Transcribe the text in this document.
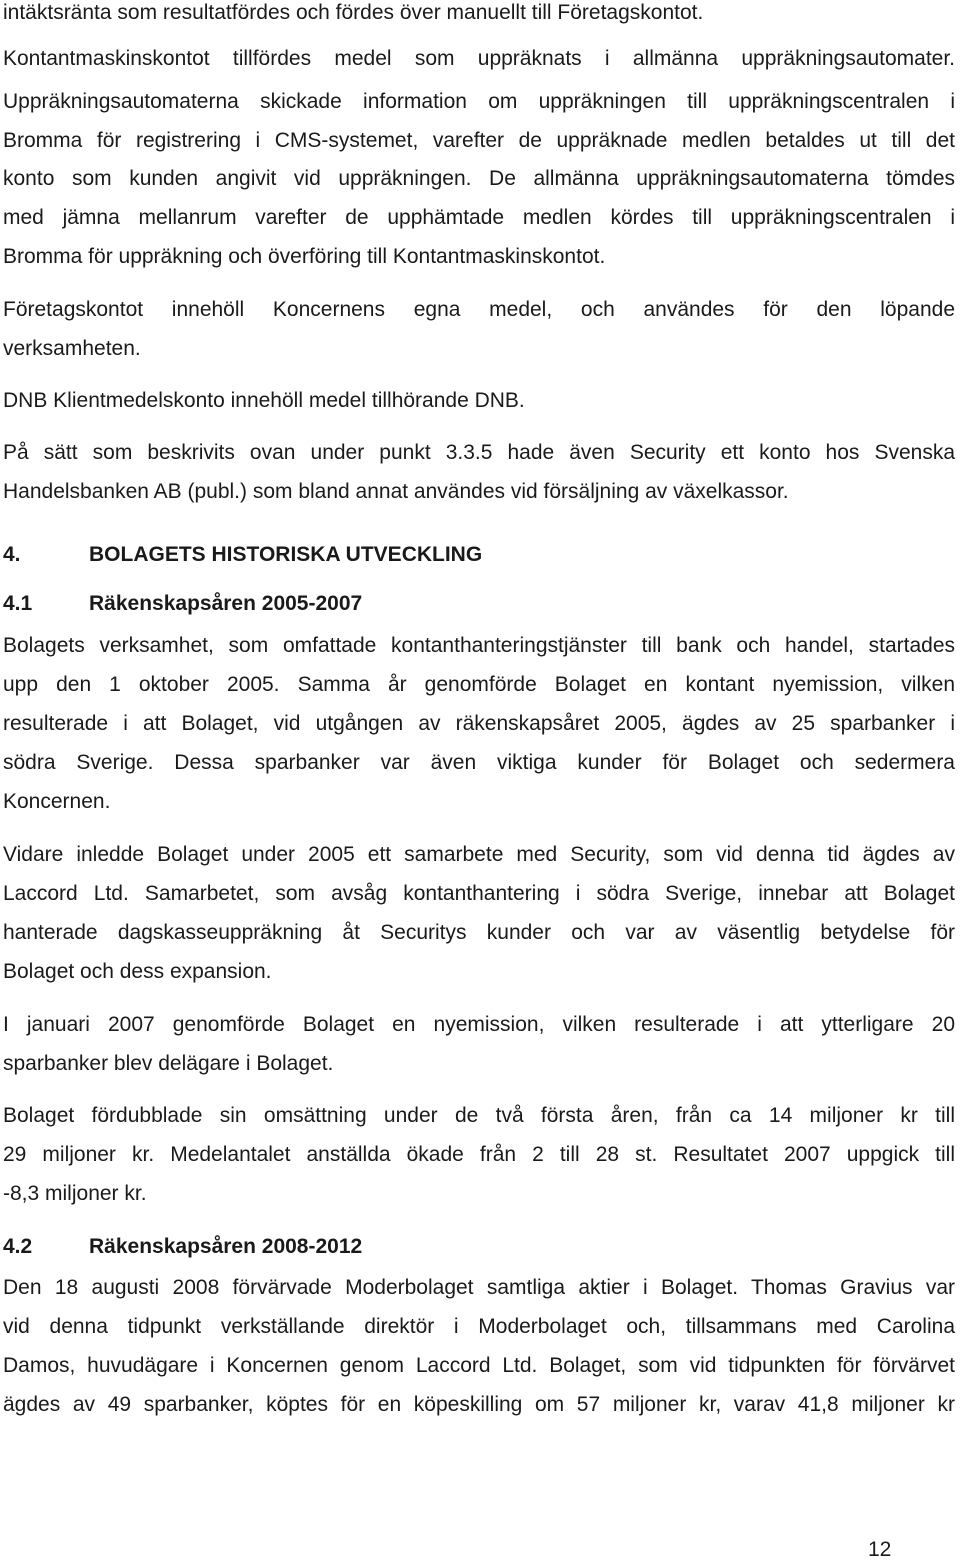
intäktsränta som resultatfördes och fördes över manuellt till Företagskontot.
Kontantmaskinskontot tillfördes medel som uppräknats i allmänna uppräkningsautomater.
Uppräkningsautomaterna skickade information om uppräkningen till uppräkningscentralen i
Bromma för registrering i CMS-systemet, varefter de uppräknade medlen betaldes ut till det
konto som kunden angivit vid uppräkningen. De allmänna uppräkningsautomaterna tömdes
med jämna mellanrum varefter de upphämtade medlen kördes till uppräkningscentralen i
Bromma för uppräkning och överföring till Kontantmaskinskontot.
Företagskontot innehöll Koncernens egna medel, och användes för den löpande
verksamheten.
DNB Klientmedelskonto innehöll medel tillhörande DNB.
På sätt som beskrivits ovan under punkt 3.3.5 hade även Security ett konto hos Svenska
Handelsbanken AB (publ.) som bland annat användes vid försäljning av växelkassor.
4.	BOLAGETS HISTORISKA UTVECKLING
4.1	Räkenskapsåren 2005-2007
Bolagets verksamhet, som omfattade kontanthanteringstjänster till bank och handel, startades
upp den 1 oktober 2005. Samma år genomförde Bolaget en kontant nyemission, vilken
resulterade i att Bolaget, vid utgången av räkenskapsåret 2005, ägdes av 25 sparbanker i
södra Sverige. Dessa sparbanker var även viktiga kunder för Bolaget och sedermera
Koncernen.
Vidare inledde Bolaget under 2005 ett samarbete med Security, som vid denna tid ägdes av
Laccord Ltd. Samarbetet, som avsåg kontanthantering i södra Sverige, innebar att Bolaget
hanterade dagskasseuppräkning åt Securitys kunder och var av väsentlig betydelse för
Bolaget och dess expansion.
I januari 2007 genomförde Bolaget en nyemission, vilken resulterade i att ytterligare 20
sparbanker blev delägare i Bolaget.
Bolaget fördubblade sin omsättning under de två första åren, från ca 14 miljoner kr till
29 miljoner kr. Medelantalet anställda ökade från 2 till 28 st. Resultatet 2007 uppgick till
-8,3 miljoner kr.
4.2	Räkenskapsåren 2008-2012
Den 18 augusti 2008 förvärvade Moderbolaget samtliga aktier i Bolaget. Thomas Gravius var
vid denna tidpunkt verkställande direktör i Moderbolaget och, tillsammans med Carolina
Damos, huvudägare i Koncernen genom Laccord Ltd. Bolaget, som vid tidpunkten för förvärvet
ägdes av 49 sparbanker, köptes för en köpeskilling om 57 miljoner kr, varav 41,8 miljoner kr
12
